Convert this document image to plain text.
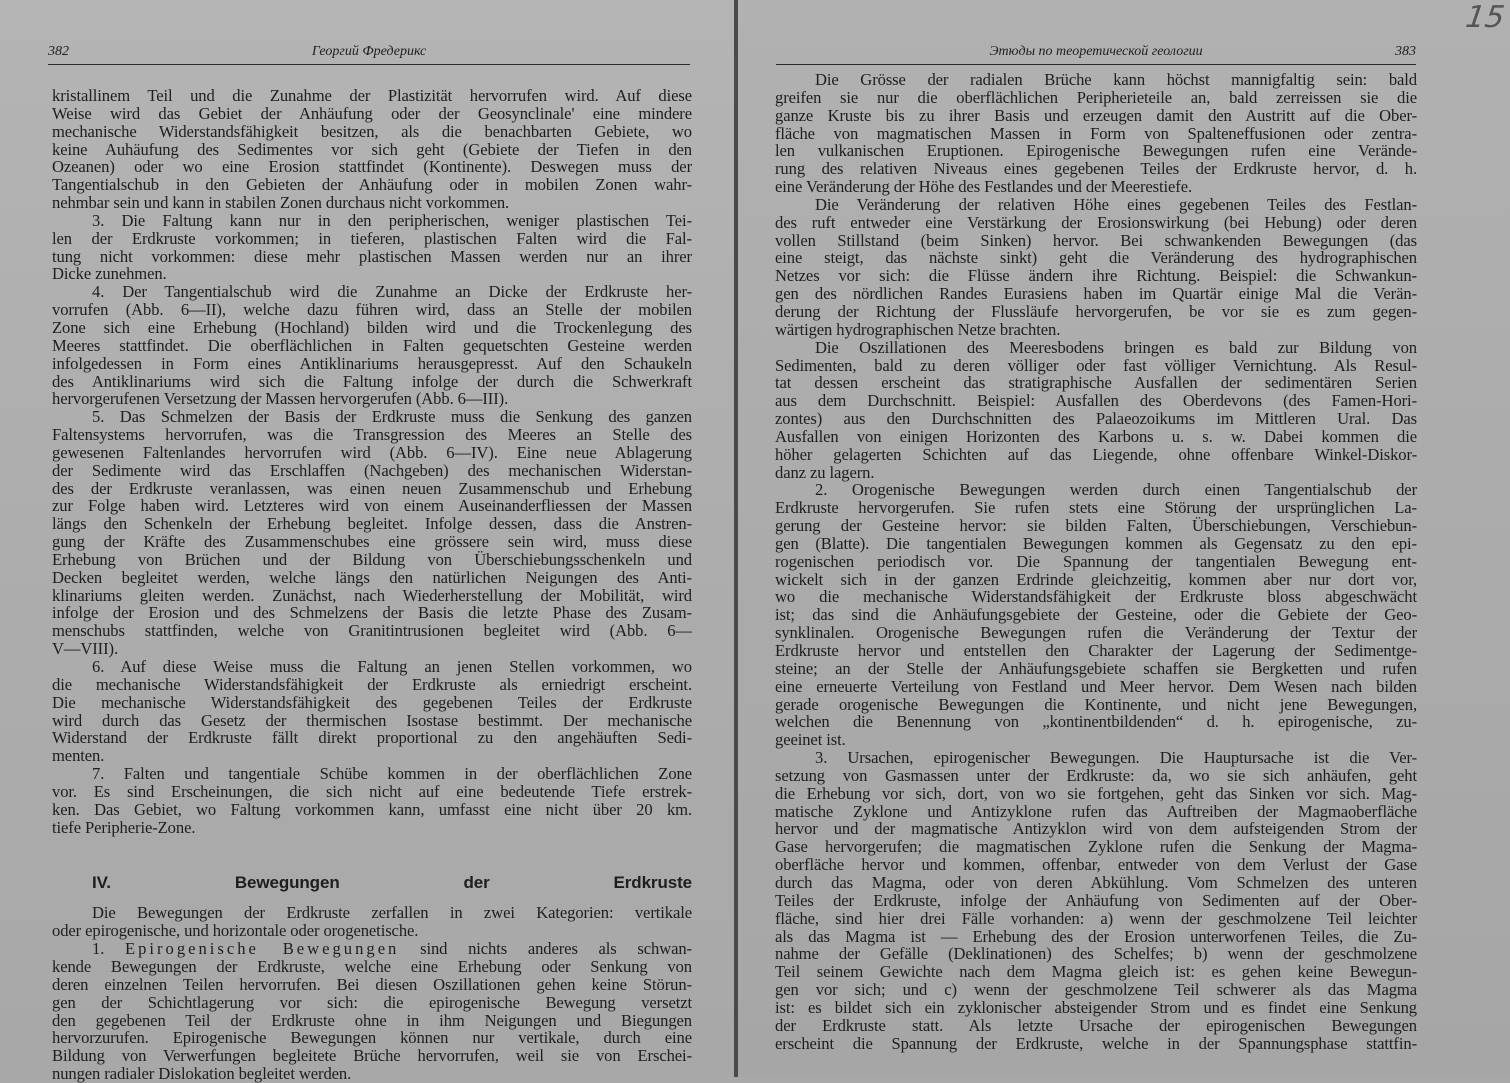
382	Георгий Фредерикс
kristallinem Teil und die Zunahme der Plastizität hervorrufen wird. Auf diese
Weise wird das Gebiet der Anhäufung oder der Geosynclinale' eine mindere
mechanische Widerstandsfähigkeit besitzen, als die benachbarten Gebiete, wo
keine Auhäufung des Sedimentes vor sich geht (Gebiete der Tiefen in den
Ozeanen) oder wo eine Erosion stattfindet (Kontinente). Deswegen muss der
Tangentialschub in den Gebieten der Anhäufung oder in mobilen Zonen wahr-
nehmbar sein und kann in stabilen Zonen durchaus nicht vorkommen.
3. Die Faltung kann nur in den peripherischen, weniger plastischen Tei-
len der Erdkruste vorkommen; in tieferen, plastischen Falten wird die Fal-
tung nicht vorkommen: diese mehr plastischen Massen werden nur an ihrer
Dicke zunehmen.
4. Der Tangentialschub wird die Zunahme an Dicke der Erdkruste her-
vorrufen (Abb. 6—II), welche dazu führen wird, dass an Stelle der mobilen
Zone sich eine Erhebung (Hochland) bilden wird und die Trockenlegung des
Meeres stattfindet. Die oberflächlichen in Falten gequetschten Gesteine werden
infolgedessen in Form eines Antiklinariums herausgepresst. Auf den Schaukeln
des Antiklinariums wird sich die Faltung infolge der durch die Schwerkraft
hervorgerufenen Versetzung der Massen hervorgerufen (Abb. 6—III).
5. Das Schmelzen der Basis der Erdkruste muss die Senkung des ganzen
Faltensystems hervorrufen, was die Transgression des Meeres an Stelle des
gewesenen Faltenlandes hervorrufen wird (Abb. 6—IV). Eine neue Ablagerung
der Sedimente wird das Erschlaffen (Nachgeben) des mechanischen Widerstan-
des der Erdkruste veranlassen, was einen neuen Zusammenschub und Erhebung
zur Folge haben wird. Letzteres wird von einem Auseinanderfliessen der Massen
längs den Schenkeln der Erhebung begleitet. Infolge dessen, dass die Anstren-
gung der Kräfte des Zusammenschubes eine grössere sein wird, muss diese
Erhebung von Brüchen und der Bildung von Überschiebungsschenkeln und
Decken begleitet werden, welche längs den natürlichen Neigungen des Anti-
klinariums gleiten werden. Zunächst, nach Wiederherstellung der Mobilität, wird
infolge der Erosion und des Schmelzens der Basis die letzte Phase des Zusam-
menschubs stattfinden, welche von Granitintrusionen begleitet wird (Abb. 6—
V—VIII).
6. Auf diese Weise muss die Faltung an jenen Stellen vorkommen, wo
die mechanische Widerstandsfähigkeit der Erdkruste als erniedrigt erscheint.
Die mechanische Widerstandsfähigkeit des gegebenen Teiles der Erdkruste
wird durch das Gesetz der thermischen Isostase bestimmt. Der mechanische
Widerstand der Erdkruste fällt direkt proportional zu den angehäuften Sedi-
menten.
7. Falten und tangentiale Schübe kommen in der oberflächlichen Zone
vor. Es sind Erscheinungen, die sich nicht auf eine bedeutende Tiefe erstrek-
ken. Das Gebiet, wo Faltung vorkommen kann, umfasst eine nicht über 20 km.
tiefe Peripherie-Zone.
IV. Bewegungen der Erdkruste
Die Bewegungen der Erdkruste zerfallen in zwei Kategorien: vertikale
oder epirogenische, und horizontale oder orogenetische.
1. Epirogenische Bewegungen sind nichts anderes als schwan-
kende Bewegungen der Erdkruste, welche eine Erhebung oder Senkung von
deren einzelnen Teilen hervorrufen. Bei diesen Oszillationen gehen keine Störun-
gen der Schichtlagerung vor sich: die epirogenische Bewegung versetzt
den gegebenen Teil der Erdkruste ohne in ihm Neigungen und Biegungen
hervorzurufen. Epirogenische Bewegungen können nur vertikale, durch eine
Bildung von Verwerfungen begleitete Brüche hervorrufen, weil sie von Erschei-
nungen radialer Dislokation begleitet werden.
Этюды по теоретической геологии	383
15
Die Grösse der radialen Brüche kann höchst mannigfaltig sein: bald
greifen sie nur die oberflächlichen Peripherieteile an, bald zerreissen sie die
ganze Kruste bis zu ihrer Basis und erzeugen damit den Austritt auf die Ober-
fläche von magmatischen Massen in Form von Spalteneffusionen oder zentra-
len vulkanischen Eruptionen. Epirogenische Bewegungen rufen eine Verände-
rung des relativen Niveaus eines gegebenen Teiles der Erdkruste hervor, d. h.
eine Veränderung der Höhe des Festlandes und der Meerestiefe.
Die Veränderung der relativen Höhe eines gegebenen Teiles des Festlan-
des ruft entweder eine Verstärkung der Erosionswirkung (bei Hebung) oder deren
vollen Stillstand (beim Sinken) hervor. Bei schwankenden Bewegungen (das
eine steigt, das nächste sinkt) geht die Veränderung des hydrographischen
Netzes vor sich: die Flüsse ändern ihre Richtung. Beispiel: die Schwankun-
gen des nördlichen Randes Eurasiens haben im Quartär einige Mal die Verän-
derung der Richtung der Flussläufe hervorgerufen, be vor sie es zum gegen-
wärtigen hydrographischen Netze brachten.
Die Oszillationen des Meeresbodens bringen es bald zur Bildung von
Sedimenten, bald zu deren völliger oder fast völliger Vernichtung. Als Resul-
tat dessen erscheint das stratigraphische Ausfallen der sedimentären Serien
aus dem Durchschnitt. Beispiel: Ausfallen des Oberdevons (des Famen-Hori-
zontes) aus den Durchschnitten des Palaeozoikums im Mittleren Ural. Das
Ausfallen von einigen Horizonten des Karbons u. s. w. Dabei kommen die
höher gelagerten Schichten auf das Liegende, ohne offenbare Winkel-Diskor-
danz zu lagern.
2. Orogenische Bewegungen werden durch einen Tangentialschub der
Erdkruste hervorgerufen. Sie rufen stets eine Störung der ursprünglichen La-
gerung der Gesteine hervor: sie bilden Falten, Überschiebungen, Verschiebun-
gen (Blatte). Die tangentialen Bewegungen kommen als Gegensatz zu den epi-
rogenischen periodisch vor. Die Spannung der tangentialen Bewegung ent-
wickelt sich in der ganzen Erdrinde gleichzeitig, kommen aber nur dort vor,
wo die mechanische Widerstandsfähigkeit der Erdkruste bloss abgeschwächt
ist; das sind die Anhäufungsgebiete der Gesteine, oder die Gebiete der Geo-
synklinalen. Orogenische Bewegungen rufen die Veränderung der Textur der
Erdkruste hervor und entstellen den Charakter der Lagerung der Sedimentge-
steine; an der Stelle der Anhäufungsgebiete schaffen sie Bergketten und rufen
eine erneuerte Verteilung von Festland und Meer hervor. Dem Wesen nach bilden
gerade orogenische Bewegungen die Kontinente, und nicht jene Bewegungen,
welchen die Benennung von „kontinentbildenden“ d. h. epirogenische, zu-
geeinet ist.
3. Ursachen, epirogenischer Bewegungen. Die Hauptursache ist die Ver-
setzung von Gasmassen unter der Erdkruste: da, wo sie sich anhäufen, geht
die Erhebung vor sich, dort, von wo sie fortgehen, geht das Sinken vor sich. Mag-
matische Zyklone und Antizyklone rufen das Auftreiben der Magmaoberfläche
hervor und der magmatische Antizyklon wird von dem aufsteigenden Strom der
Gase hervorgerufen; die magmatischen Zyklone rufen die Senkung der Magma-
oberfläche hervor und kommen, offenbar, entweder von dem Verlust der Gase
durch das Magma, oder von deren Abkühlung. Vom Schmelzen des unteren
Teiles der Erdkruste, infolge der Anhäufung von Sedimenten auf der Ober-
fläche, sind hier drei Fälle vorhanden: a) wenn der geschmolzene Teil leichter
als das Magma ist — Erhebung des der Erosion unterworfenen Teiles, die Zu-
nahme der Gefälle (Deklinationen) des Schelfes; b) wenn der geschmolzene
Teil seinem Gewichte nach dem Magma gleich ist: es gehen keine Bewegun-
gen vor sich; und c) wenn der geschmolzene Teil schwerer als das Magma
ist: es bildet sich ein zyklonischer absteigender Strom und es findet eine Senkung
der Erdkruste statt. Als letzte Ursache der epirogenischen Bewegungen
erscheint die Spannung der Erdkruste, welche in der Spannungsphase stattfin-
